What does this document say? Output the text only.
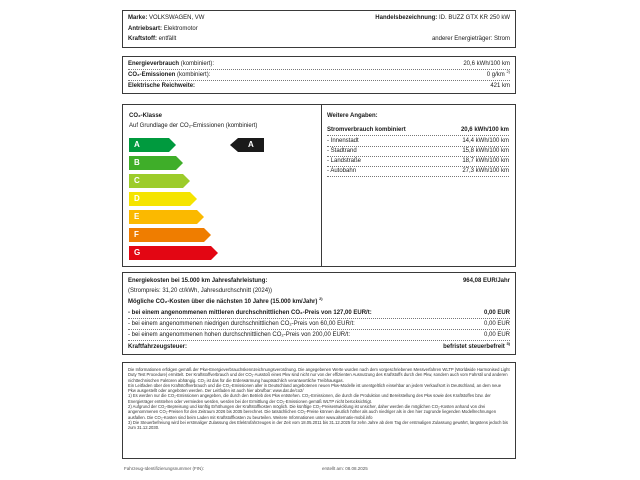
Marke: VOLKSWAGEN, VW
Antriebsart: Elektromotor
Kraftstoff: entfällt
Handelsbezeichnung: ID. BUZZ GTX KR 250 kW
anderer Energieträger: Strom
Energieverbrauch (kombiniert):	20,6 kWh/100 km
CO₂-Emissionen (kombiniert):	0 g/km $^{2)}$
Elektrische Reichweite:	421 km
CO₂-Klasse
Auf Grundlage der CO₂-Emissionen (kombiniert)
A
B
C
D
E
F
G
A
Weitere Angaben:
Stromverbrauch kombiniert	20,6 kWh/100 km
- Innenstadt	14,4 kWh/100 km
- Stadtrand	15,8 kWh/100 km
- Landstraße	18,7 kWh/100 km
- Autobahn	27,3 kWh/100 km
Energiekosten bei 15.000 km Jahresfahrleistung:	964,08 EUR/Jahr
(Strompreis: 31,20 ct/kWh, Jahresdurchschnitt (2024))
Mögliche CO₂-Kosten über die nächsten 10 Jahre (15.000 km/Jahr) $^{2)}$
- bei einem angenommenen mittleren durchschnittlichen CO₂-Preis von 127,00 EUR/t:	0,00 EUR
- bei einem angenommenen niedrigen durchschnittlichen CO₂-Preis von 60,00 EUR/t:	0,00 EUR
- bei einem angenommenen hohen durchschnittlichen CO₂-Preis von 200,00 EUR/t:	0,00 EUR
Kraftfahrzeugsteuer:	befristet steuerbefreit $^{3)}$

Die Informationen erfolgen gemäß der Pkw-Energieverbrauchskennzeichnungsverordnung. Die angegebenen Werte wurden nach dem vorgeschriebenen Messverfahren WLTP (Worldwide Harmonised Light Duty Test Procedure) ermittelt. Der Kraftstoffverbrauch und der CO₂-Ausstoß eines Pkw sind nicht nur von der effizienten Ausnutzung des Kraftstoffs durch den Pkw, sondern auch vom Fahrstil und anderen nichttechnischen Faktoren abhängig. CO₂ ist das für die Erderwärmung hauptsächlich verantwortliche Treibhausgas.

Ein Leitfaden über den Kraftstoffverbrauch und die CO₂-Emissionen aller in Deutschland angebotenen neuen Pkw-Modelle ist unentgeltlich einsehbar an jedem Verkaufsort in Deutschland, an dem neue Pkw ausgestellt oder angeboten werden. Der Leitfaden ist auch hier abrufbar: www.dat.de/co2/

1) Es werden nur die CO₂-Emissionen angegeben, die durch den Betrieb des Pkw entstehen. CO₂-Emissionen, die durch die Produktion und Bereitstellung des Pkw sowie des Kraftstoffes bzw. der Energieträger entstehen oder vermieden werden, werden bei der Ermittlung der CO₂-Emissionen gemäß WLTP nicht berücksichtigt.

2) Aufgrund der CO₂-Bepreisung und künftig Erhöhungen der Kraftstoffkosten möglich. Die künftige CO₂-Preisentwicklung ist unsicher, daher werden die möglichen CO₂-Kosten anhand von drei angenommenen CO₂-Preisen für den Zeitraum 2026 bis 2035 berechnet. Die tatsächlichen CO₂-Preise können deutlich höher als auch niedriger als in den hier zugrunde liegenden Modellrechnungen ausfallen. Die CO₂-Kosten sind beim Laden mit Kraftstoffkosten zu beurteilen. Weitere Informationen unter www.alternativ-mobil.info

3) Die Steuerbefreiung wird bei erstmaliger Zulassung des Elektrofahrzeuges in der Zeit vom 18.05.2011 bis 31.12.2025 für zehn Jahre ab dem Tag der erstmaligen Zulassung gewährt, längstens jedoch bis zum 31.12.2030.

Fahrzeug-Identifizierungsnummer (FIN):	erstellt am: 08.08.2025
